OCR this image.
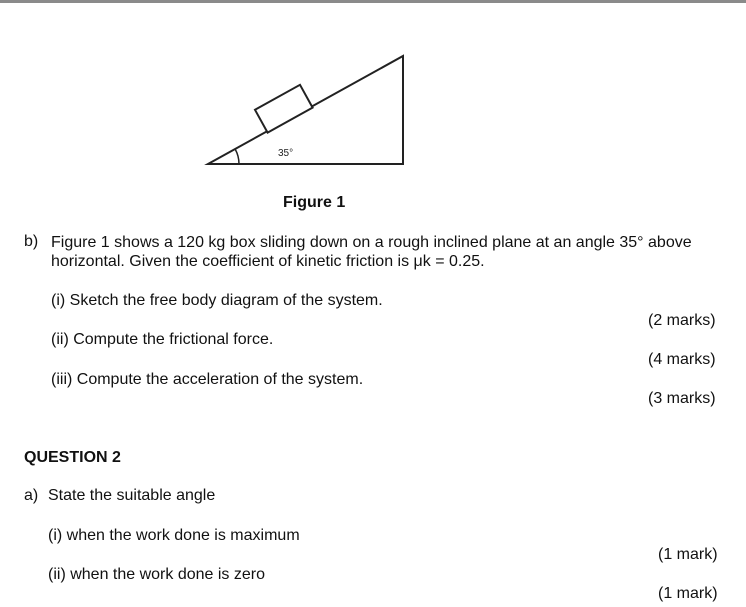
35°
Figure 1
b) Figure 1 shows a 120 kg box sliding down on a rough inclined plane at an angle 35° above
horizontal. Given the coefficient of kinetic friction is μk = 0.25.
(i) Sketch the free body diagram of the system.
(2 marks)
(ii) Compute the frictional force.
(4 marks)
(iii) Compute the acceleration of the system.
(3 marks)
QUESTION 2
a) State the suitable angle
(i) when the work done is maximum
(1 mark)
(ii) when the work done is zero
(1 mark)
